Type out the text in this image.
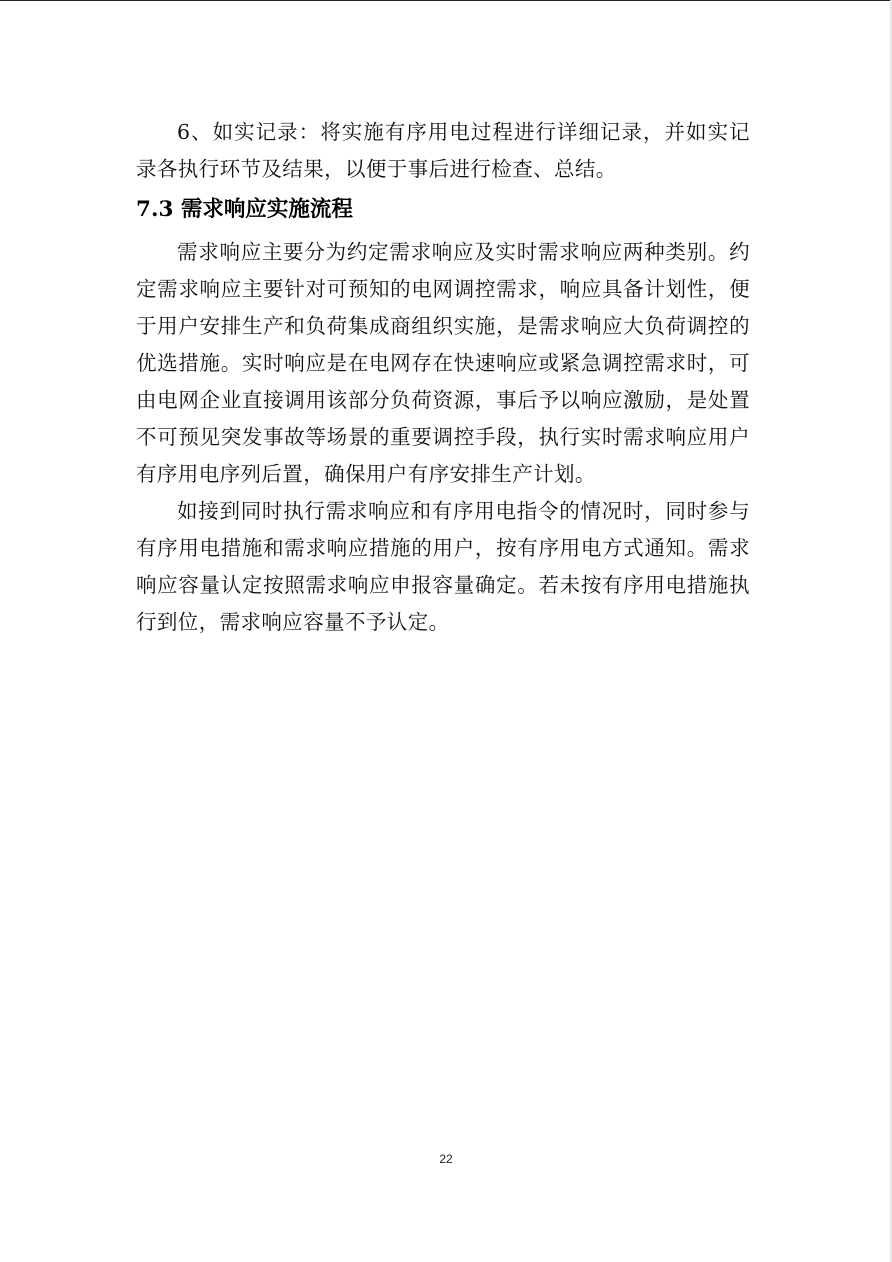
6、如实记录：将实施有序用电过程进行详细记录，并如实记录各执行环节及结果，以便于事后进行检查、总结。

7.3 需求响应实施流程

需求响应主要分为约定需求响应及实时需求响应两种类别。约定需求响应主要针对可预知的电网调控需求，响应具备计划性，便于用户安排生产和负荷集成商组织实施，是需求响应大负荷调控的优选措施。实时响应是在电网存在快速响应或紧急调控需求时，可由电网企业直接调用该部分负荷资源，事后予以响应激励，是处置不可预见突发事故等场景的重要调控手段，执行实时需求响应用户有序用电序列后置，确保用户有序安排生产计划。

如接到同时执行需求响应和有序用电指令的情况时，同时参与有序用电措施和需求响应措施的用户，按有序用电方式通知。需求响应容量认定按照需求响应申报容量确定。若未按有序用电措施执行到位，需求响应容量不予认定。

22
